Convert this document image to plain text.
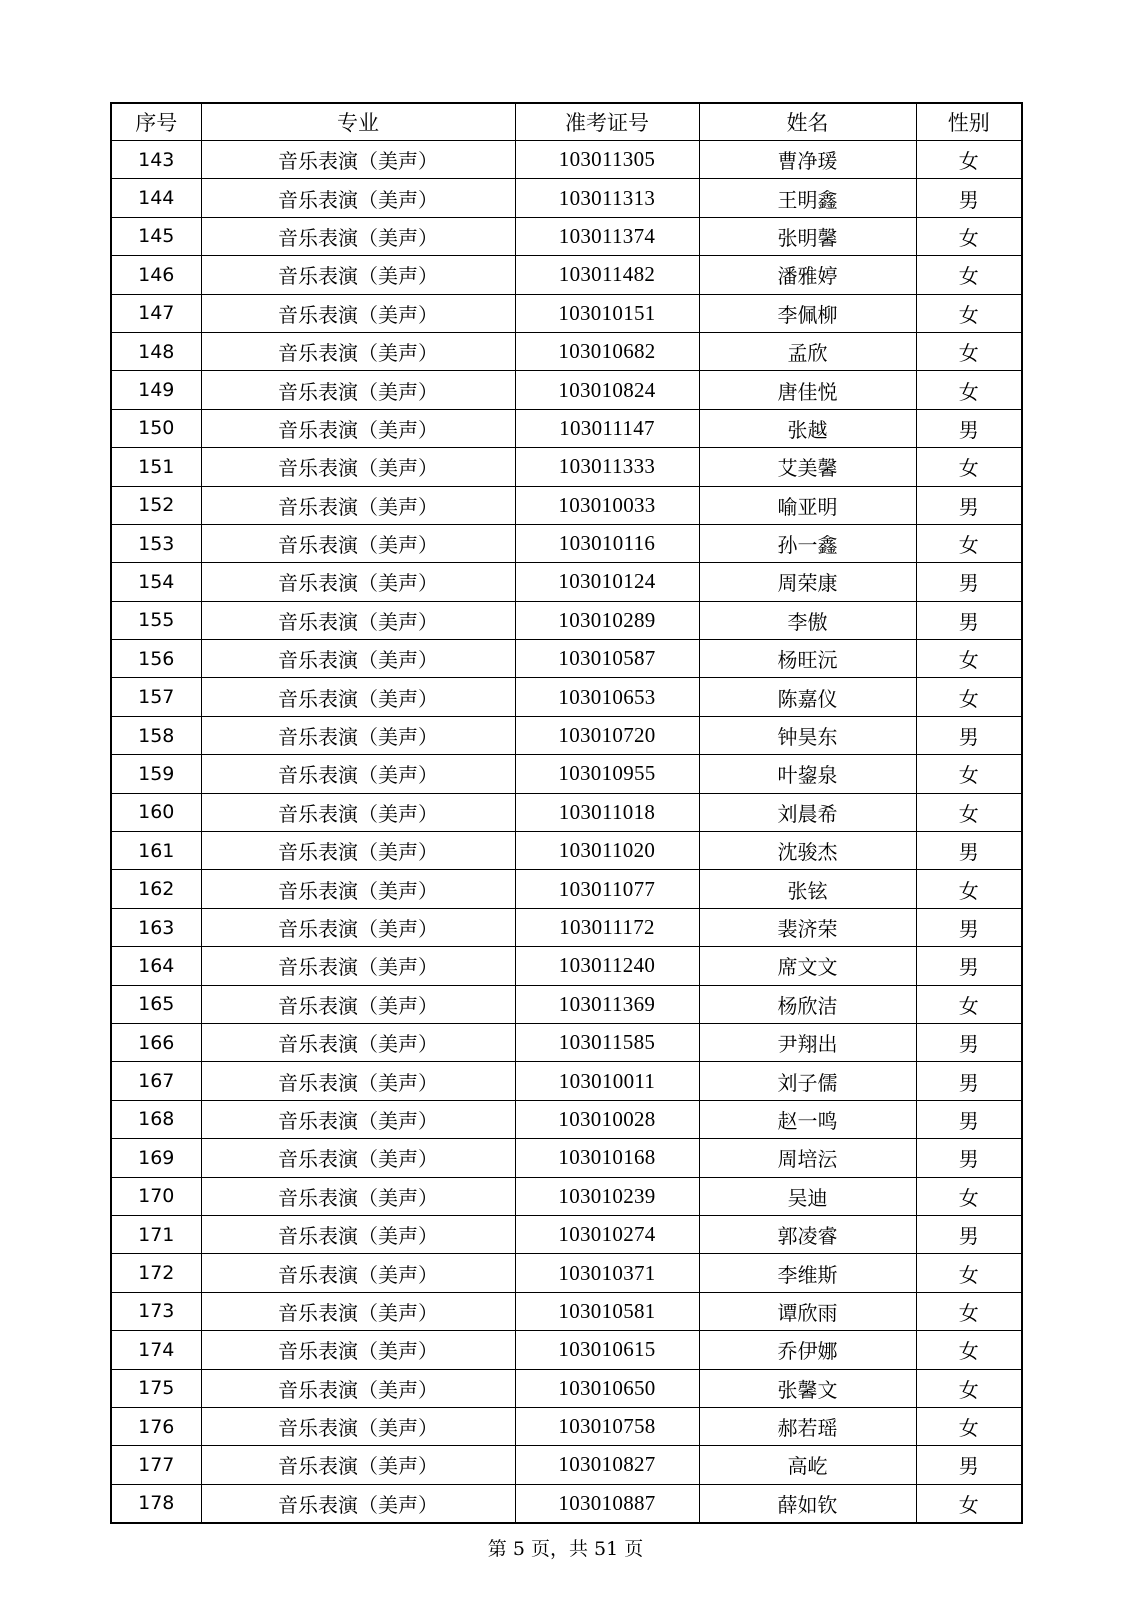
序号	专业	准考证号	姓名	性别
143	音乐表演（美声）	103011305	曹净瑗	女
144	音乐表演（美声）	103011313	王明鑫	男
145	音乐表演（美声）	103011374	张明馨	女
146	音乐表演（美声）	103011482	潘雅婷	女
147	音乐表演（美声）	103010151	李佩柳	女
148	音乐表演（美声）	103010682	孟欣	女
149	音乐表演（美声）	103010824	唐佳悦	女
150	音乐表演（美声）	103011147	张越	男
151	音乐表演（美声）	103011333	艾美馨	女
152	音乐表演（美声）	103010033	喻亚明	男
153	音乐表演（美声）	103010116	孙一鑫	女
154	音乐表演（美声）	103010124	周荣康	男
155	音乐表演（美声）	103010289	李傲	男
156	音乐表演（美声）	103010587	杨旺沅	女
157	音乐表演（美声）	103010653	陈嘉仪	女
158	音乐表演（美声）	103010720	钟昊东	男
159	音乐表演（美声）	103010955	叶鋆泉	女
160	音乐表演（美声）	103011018	刘晨希	女
161	音乐表演（美声）	103011020	沈骏杰	男
162	音乐表演（美声）	103011077	张铉	女
163	音乐表演（美声）	103011172	裴济荣	男
164	音乐表演（美声）	103011240	席文文	男
165	音乐表演（美声）	103011369	杨欣洁	女
166	音乐表演（美声）	103011585	尹翔出	男
167	音乐表演（美声）	103010011	刘子儒	男
168	音乐表演（美声）	103010028	赵一鸣	男
169	音乐表演（美声）	103010168	周培沄	男
170	音乐表演（美声）	103010239	吴迪	女
171	音乐表演（美声）	103010274	郭凌睿	男
172	音乐表演（美声）	103010371	李维斯	女
173	音乐表演（美声）	103010581	谭欣雨	女
174	音乐表演（美声）	103010615	乔伊娜	女
175	音乐表演（美声）	103010650	张馨文	女
176	音乐表演（美声）	103010758	郝若瑶	女
177	音乐表演（美声）	103010827	高屹	男
178	音乐表演（美声）	103010887	薛如钦	女
第 5 页，共 51 页
